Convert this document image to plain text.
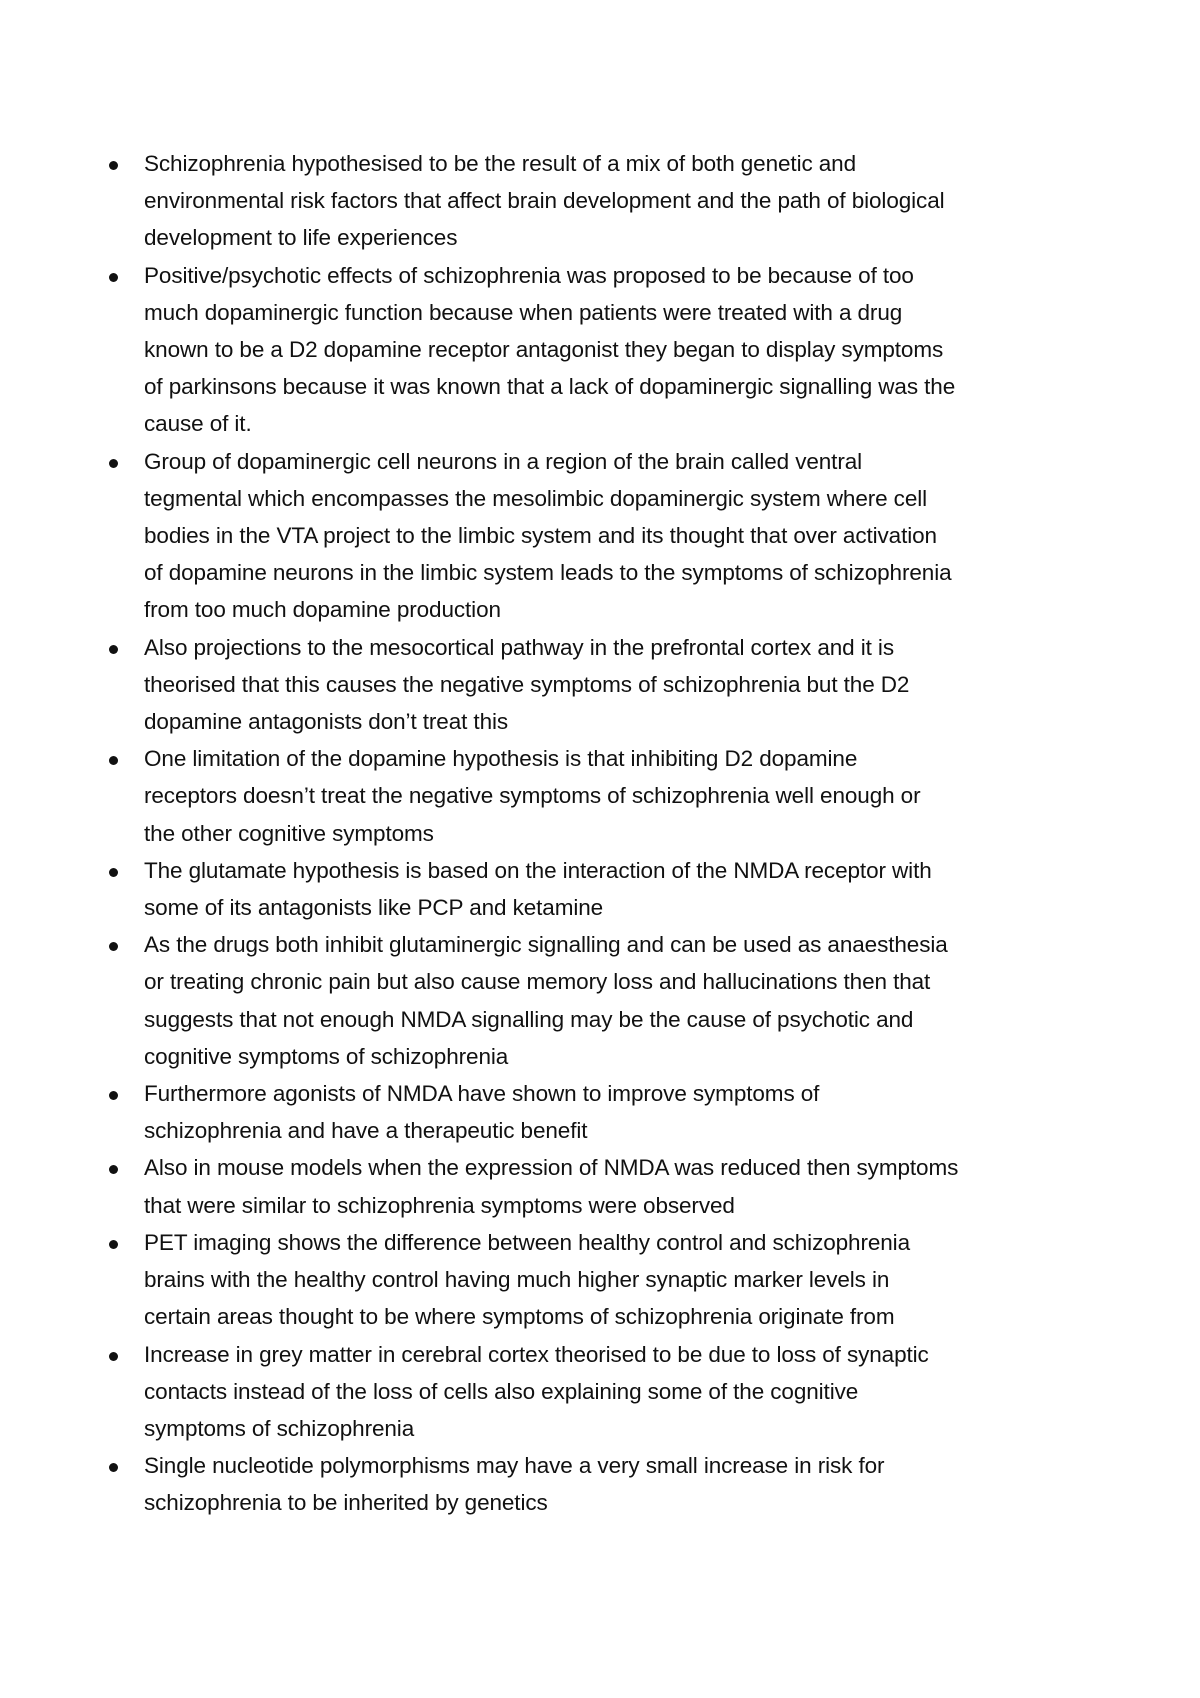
Schizophrenia hypothesised to be the result of a mix of both genetic and
environmental risk factors that affect brain development and the path of biological
development to life experiences
Positive/psychotic effects of schizophrenia was proposed to be because of too
much dopaminergic function because when patients were treated with a drug
known to be a D2 dopamine receptor antagonist they began to display symptoms
of parkinsons because it was known that a lack of dopaminergic signalling was the
cause of it.
Group of dopaminergic cell neurons in a region of the brain called ventral
tegmental which encompasses the mesolimbic dopaminergic system where cell
bodies in the VTA project to the limbic system and its thought that over activation
of dopamine neurons in the limbic system leads to the symptoms of schizophrenia
from too much dopamine production
Also projections to the mesocortical pathway in the prefrontal cortex and it is
theorised that this causes the negative symptoms of schizophrenia but the D2
dopamine antagonists don’t treat this
One limitation of the dopamine hypothesis is that inhibiting D2 dopamine
receptors doesn’t treat the negative symptoms of schizophrenia well enough or
the other cognitive symptoms
The glutamate hypothesis is based on the interaction of the NMDA receptor with
some of its antagonists like PCP and ketamine
As the drugs both inhibit glutaminergic signalling and can be used as anaesthesia
or treating chronic pain but also cause memory loss and hallucinations then that
suggests that not enough NMDA signalling may be the cause of psychotic and
cognitive symptoms of schizophrenia
Furthermore agonists of NMDA have shown to improve symptoms of
schizophrenia and have a therapeutic benefit
Also in mouse models when the expression of NMDA was reduced then symptoms
that were similar to schizophrenia symptoms were observed
PET imaging shows the difference between healthy control and schizophrenia
brains with the healthy control having much higher synaptic marker levels in
certain areas thought to be where symptoms of schizophrenia originate from
Increase in grey matter in cerebral cortex theorised to be due to loss of synaptic
contacts instead of the loss of cells also explaining some of the cognitive
symptoms of schizophrenia
Single nucleotide polymorphisms may have a very small increase in risk for
schizophrenia to be inherited by genetics
